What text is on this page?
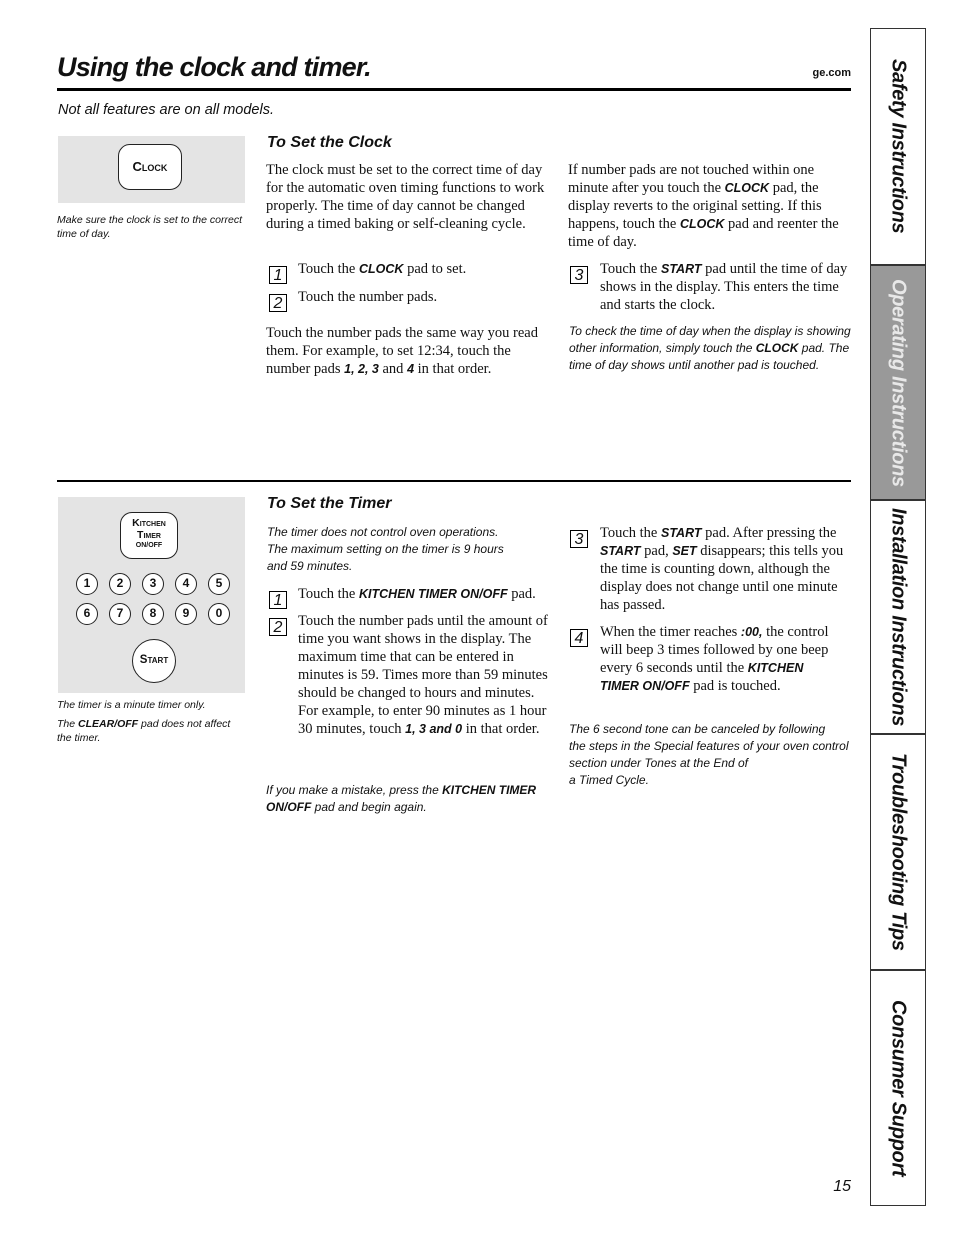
Using the clock and timer.	ge.com
Not all features are on all models.
Clock
Make sure the clock is set to the correct time of day.
To Set the Clock
The clock must be set to the correct time of day for the automatic oven timing functions to work properly. The time of day cannot be changed during a timed baking or self-cleaning cycle.
1	Touch the CLOCK pad to set.
2	Touch the number pads.
Touch the number pads the same way you read them. For example, to set 12:34, touch the number pads 1, 2, 3 and 4 in that order.
If number pads are not touched within one minute after you touch the CLOCK pad, the display reverts to the original setting. If this happens, touch the CLOCK pad and reenter the time of day.
3	Touch the START pad until the time of day shows in the display. This enters the time and starts the clock.
To check the time of day when the display is showing other information, simply touch the CLOCK pad. The time of day shows until another pad is touched.
Kitchen
Timer
ON/OFF
1	2	3	4	5
6	7	8	9	0
Start
The timer is a minute timer only.
The CLEAR/OFF pad does not affect the timer.
To Set the Timer
The timer does not control oven operations.
The maximum setting on the timer is 9 hours
and 59 minutes.
1	Touch the KITCHEN TIMER ON/OFF pad.
2	Touch the number pads until the amount of time you want shows in the display. The maximum time that can be entered in minutes is 59. Times more than 59 minutes should be changed to hours and minutes. For example, to enter 90 minutes as 1 hour 30 minutes, touch 1, 3 and 0 in that order.
If you make a mistake, press the KITCHEN TIMER ON/OFF pad and begin again.
3	Touch the START pad. After pressing the START pad, SET disappears; this tells you the time is counting down, although the display does not change until one minute has passed.
4	When the timer reaches :00, the control will beep 3 times followed by one beep every 6 seconds until the KITCHEN TIMER ON/OFF pad is touched.
The 6 second tone can be canceled by following
the steps in the Special features of your oven control
section under Tones at the End of
a Timed Cycle.
Safety Instructions
Operating Instructions
Installation Instructions
Troubleshooting Tips
Consumer Support
15
